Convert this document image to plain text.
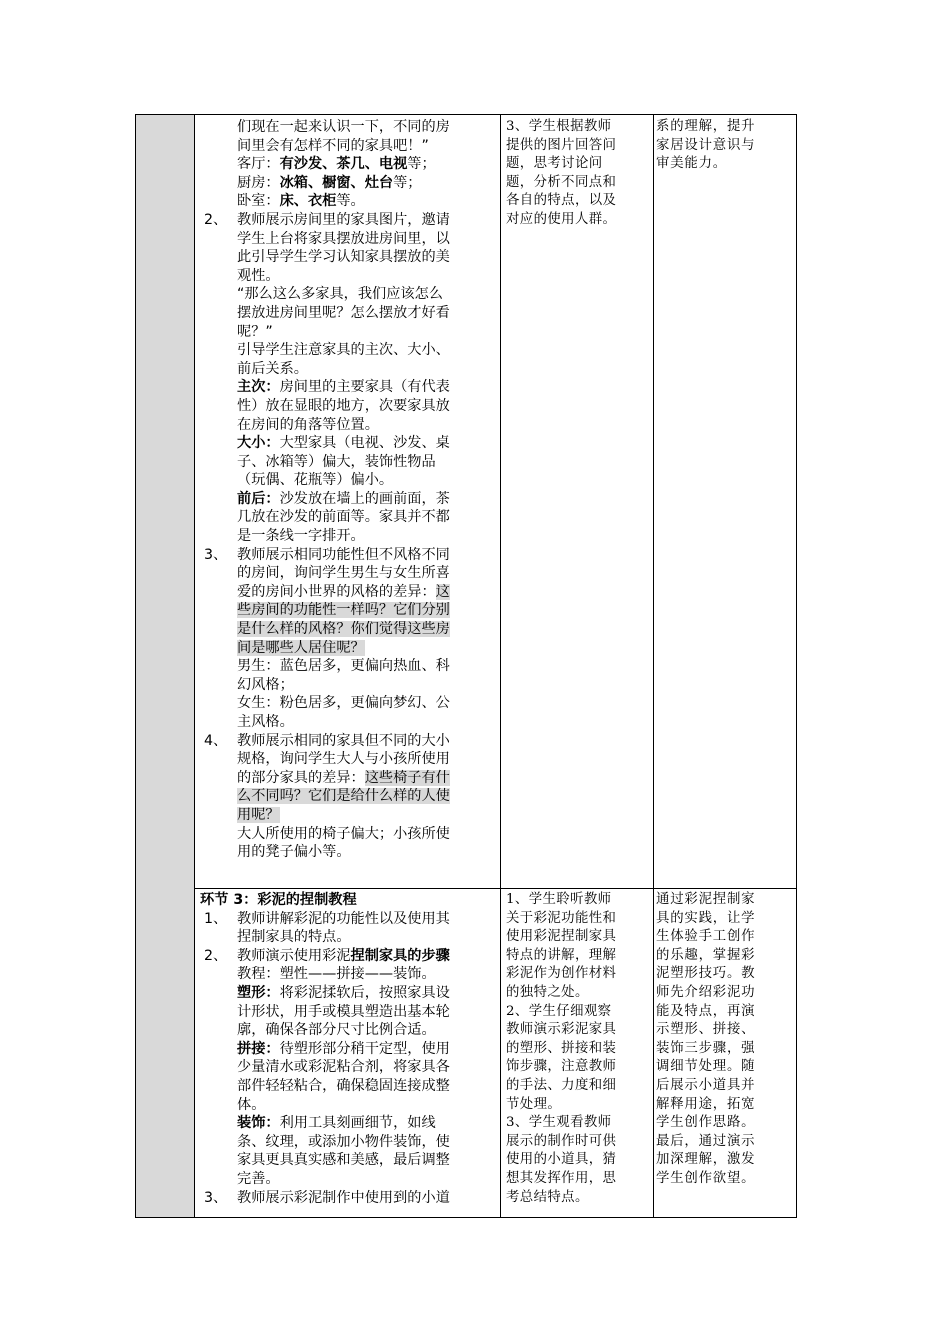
们现在一起来认识一下，不同的房
间里会有怎样不同的家具吧！”
客厅：有沙发、茶几、电视等；
厨房：冰箱、橱窗、灶台等；
卧室：床、衣柜等。
2、 教师展示房间里的家具图片，邀请
学生上台将家具摆放进房间里，以
此引导学生学习认知家具摆放的美
观性。
“那么这么多家具，我们应该怎么
摆放进房间里呢？怎么摆放才好看
呢？”
引导学生注意家具的主次、大小、
前后关系。
主次：房间里的主要家具（有代表
性）放在显眼的地方，次要家具放
在房间的角落等位置。
大小：大型家具（电视、沙发、桌
子、冰箱等）偏大，装饰性物品
（玩偶、花瓶等）偏小。
前后：沙发放在墙上的画前面，茶
几放在沙发的前面等。家具并不都
是一条线一字排开。
3、 教师展示相同功能性但不风格不同
的房间，询问学生男生与女生所喜
爱的房间小世界的风格的差异：这
些房间的功能性一样吗？它们分别
是什么样的风格？你们觉得这些房
间是哪些人居住呢？
男生：蓝色居多，更偏向热血、科
幻风格；
女生：粉色居多，更偏向梦幻、公
主风格。
4、 教师展示相同的家具但不同的大小
规格，询问学生大人与小孩所使用
的部分家具的差异：这些椅子有什
么不同吗？它们是给什么样的人使
用呢？
大人所使用的椅子偏大；小孩所使
用的凳子偏小等。
3、学生根据教师
提供的图片回答问
题，思考讨论问
题，分析不同点和
各自的特点，以及
对应的使用人群。
系的理解，提升
家居设计意识与
审美能力。
环节 3：彩泥的捏制教程
1、 教师讲解彩泥的功能性以及使用其
捏制家具的特点。
2、 教师演示使用彩泥捏制家具的步骤
教程：塑性——拼接——装饰。
塑形：将彩泥揉软后，按照家具设
计形状，用手或模具塑造出基本轮
廓，确保各部分尺寸比例合适。
拼接：待塑形部分稍干定型，使用
少量清水或彩泥粘合剂，将家具各
部件轻轻粘合，确保稳固连接成整
体。
装饰：利用工具刻画细节，如线
条、纹理，或添加小物件装饰，使
家具更具真实感和美感，最后调整
完善。
3、 教师展示彩泥制作中使用到的小道
1、学生聆听教师
关于彩泥功能性和
使用彩泥捏制家具
特点的讲解，理解
彩泥作为创作材料
的独特之处。
2、学生仔细观察
教师演示彩泥家具
的塑形、拼接和装
饰步骤，注意教师
的手法、力度和细
节处理。
3、学生观看教师
展示的制作时可供
使用的小道具，猜
想其发挥作用，思
考总结特点。
通过彩泥捏制家
具的实践，让学
生体验手工创作
的乐趣，掌握彩
泥塑形技巧。教
师先介绍彩泥功
能及特点，再演
示塑形、拼接、
装饰三步骤，强
调细节处理。随
后展示小道具并
解释用途，拓宽
学生创作思路。
最后，通过演示
加深理解，激发
学生创作欲望。
